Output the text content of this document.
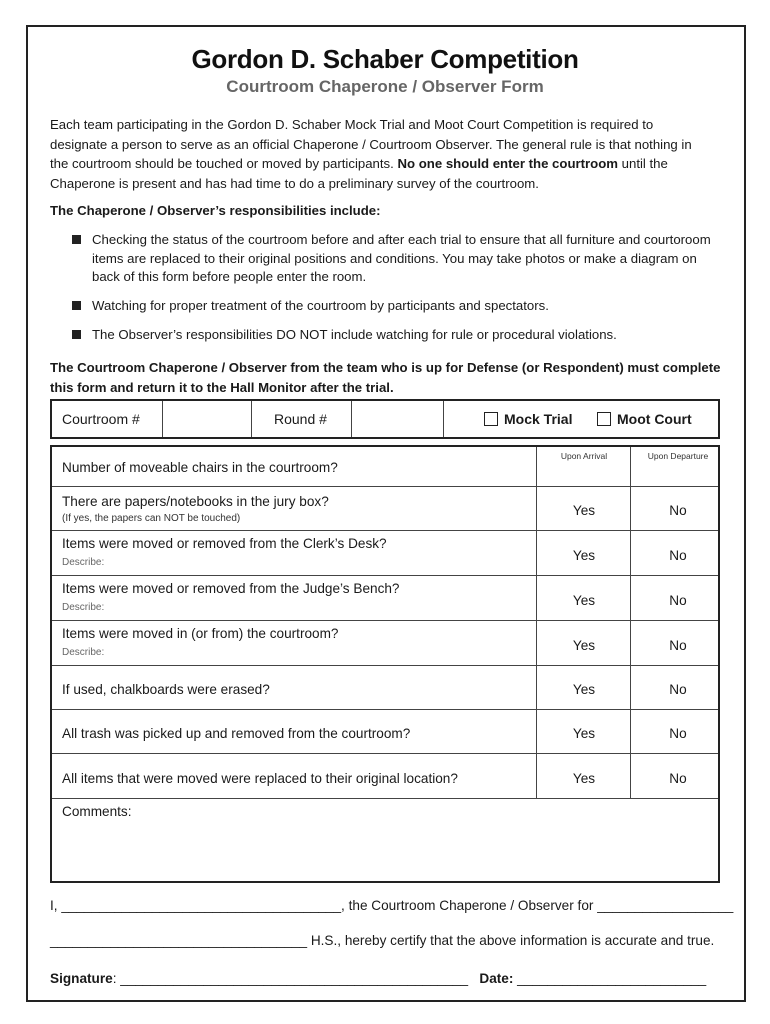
Gordon D. Schaber Competition
Courtroom Chaperone / Observer Form
Each team participating in the Gordon D. Schaber Mock Trial and Moot Court Competition is required to
designate a person to serve as an official Chaperone / Courtroom Observer. The general rule is that nothing in
the courtroom should be touched or moved by participants. No one should enter the courtroom until the
Chaperone is present and has had time to do a preliminary survey of the courtroom.
The Chaperone / Observer’s responsibilities include:
Checking the status of the courtroom before and after each trial to ensure that all furniture and courtoroom items are replaced to their original positions and conditions. You may take photos or make a diagram on back of this form before people enter the room.
Watching for proper treatment of the courtroom by participants and spectators.
The Observer’s responsibilities DO NOT include watching for rule or procedural violations.
The Courtroom Chaperone / Observer from the team who is up for Defense (or Respondent) must complete
this form and return it to the Hall Monitor after the trial.
Courtroom #	Round #	Mock Trial	Moot Court
Upon Arrival	Upon Departure
Number of moveable chairs in the courtroom?
There are papers/notebooks in the jury box?
(If yes, the papers can NOT be touched)
Yes	No
Items were moved or removed from the Clerk’s Desk?
Describe:	Yes	No
Items were moved or removed from the Judge’s Bench?
Describe:	Yes	No
Items were moved in (or from) the courtroom?
Describe:	Yes	No
If used, chalkboards were erased?	Yes	No
All trash was picked up and removed from the courtroom?	Yes	No
All items that were moved were replaced to their original location?	Yes	No
Comments:
I, _____________________________________, the Courtroom Chaperone / Observer for __________________
__________________________________ H.S., hereby certify that the above information is accurate and true.
Signature: ______________________________________________ Date: _________________________
